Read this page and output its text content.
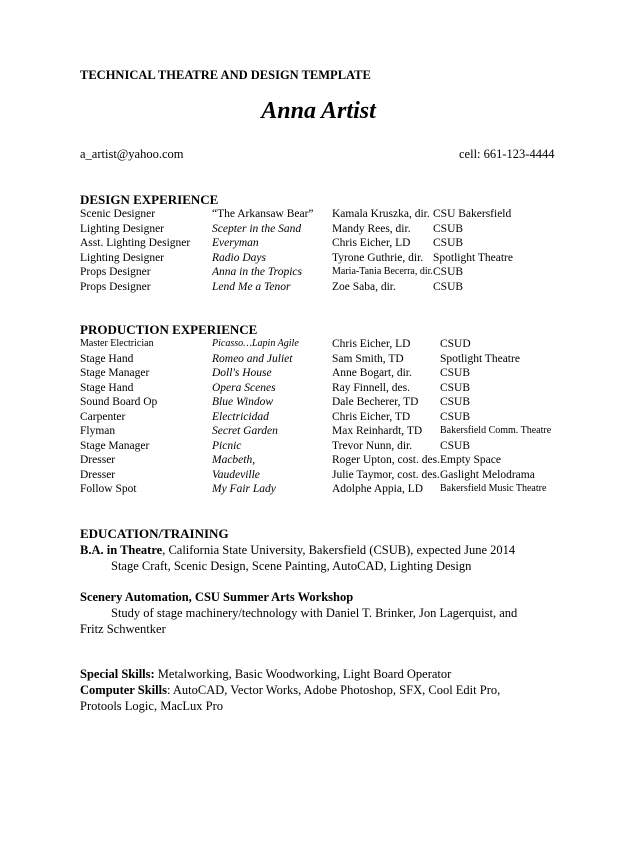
TECHNICAL THEATRE AND DESIGN TEMPLATE
Anna Artist
a_artist@yahoo.com	cell: 661-123-4444
DESIGN EXPERIENCE
Scenic Designer	“The Arkansaw Bear”	Kamala Kruszka, dir.	CSU Bakersfield
Lighting Designer	Scepter in the Sand	Mandy Rees, dir.	CSUB
Asst. Lighting Designer	Everyman	Chris Eicher, LD	CSUB
Lighting Designer	Radio Days	Tyrone Guthrie, dir.	Spotlight Theatre
Props Designer	Anna in the Tropics	Maria-Tania Becerra, dir.	CSUB
Props Designer	Lend Me a Tenor	Zoe Saba, dir.	CSUB
PRODUCTION EXPERIENCE
Master Electrician	Picasso…Lapin Agile	Chris Eicher, LD	CSUD
Stage Hand	Romeo and Juliet	Sam Smith, TD	Spotlight Theatre
Stage Manager	Doll's House	Anne Bogart, dir.	CSUB
Stage Hand	Opera Scenes	Ray Finnell, des.	CSUB
Sound Board Op	Blue Window	Dale Becherer, TD	CSUB
Carpenter	Electricidad	Chris Eicher, TD	CSUB
Flyman	Secret Garden	Max Reinhardt, TD	Bakersfield Comm. Theatre
Stage Manager	Picnic	Trevor Nunn, dir.	CSUB
Dresser	Macbeth,	Roger Upton, cost. des.	Empty Space
Dresser	Vaudeville	Julie Taymor, cost. des.	Gaslight Melodrama
Follow Spot	My Fair Lady	Adolphe Appia, LD	Bakersfield Music Theatre
EDUCATION/TRAINING
B.A. in Theatre, California State University, Bakersfield (CSUB), expected June 2014
Stage Craft, Scenic Design, Scene Painting, AutoCAD, Lighting Design
Scenery Automation, CSU Summer Arts Workshop
Study of stage machinery/technology with Daniel T. Brinker, Jon Lagerquist, and
Fritz Schwentker
Special Skills: Metalworking, Basic Woodworking, Light Board Operator
Computer Skills: AutoCAD, Vector Works, Adobe Photoshop, SFX, Cool Edit Pro,
Protools Logic, MacLux Pro
